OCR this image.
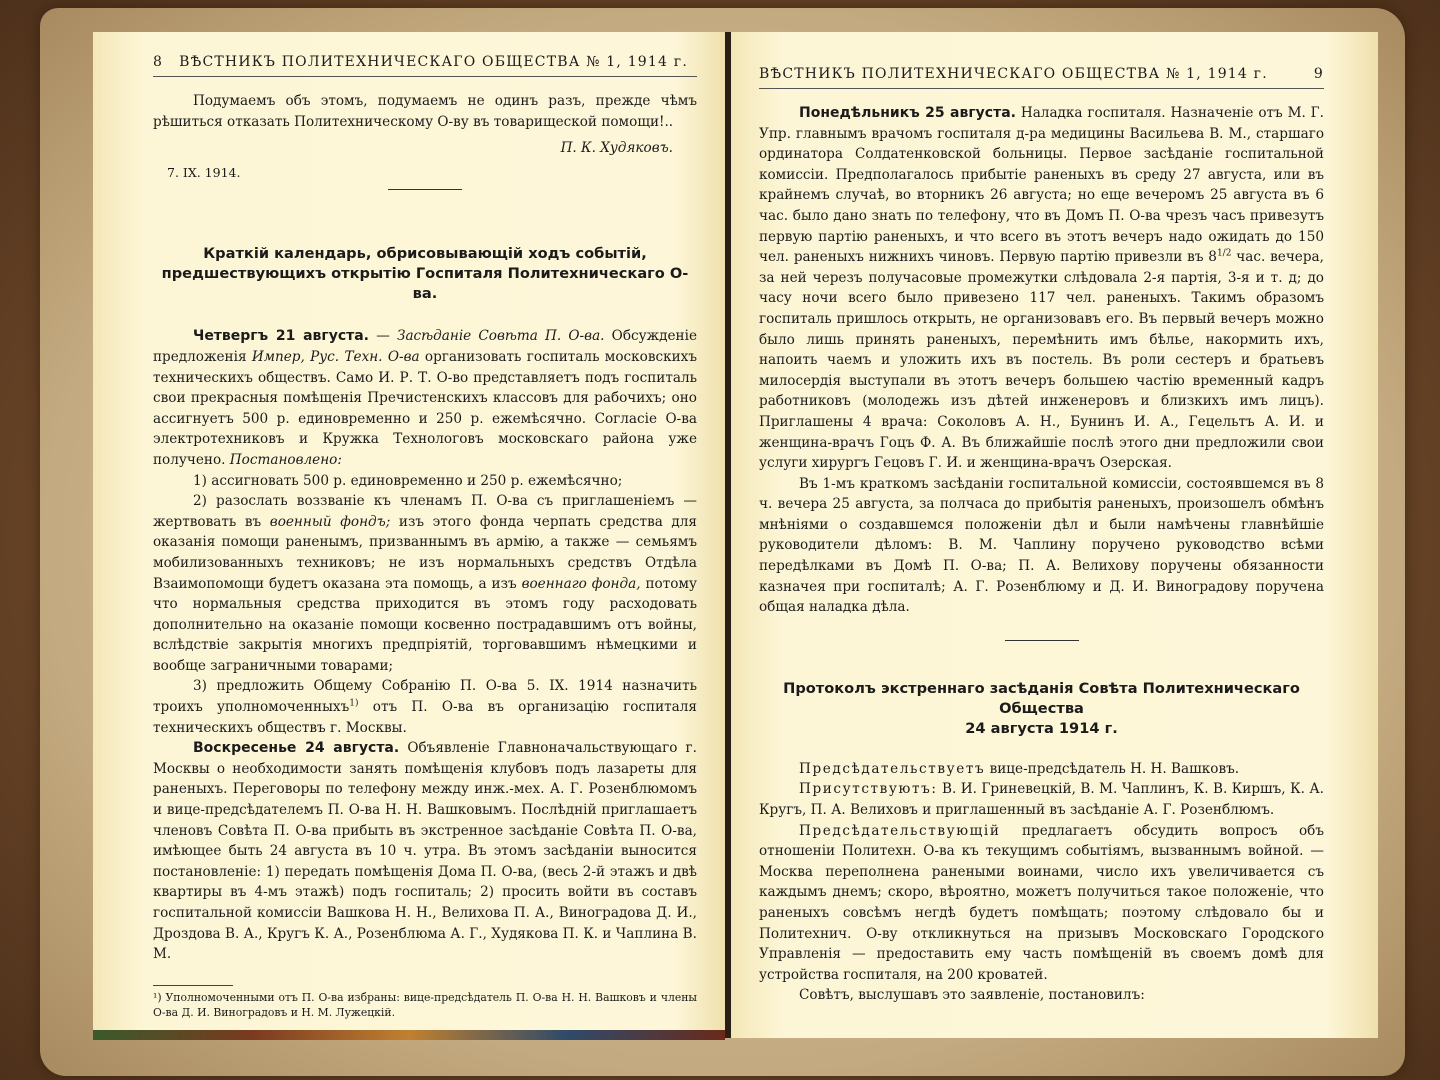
8 ВѢСТНИКЪ ПОЛИТЕХНИЧЕСКАГО ОБЩЕСТВА № 1, 1914 г.

Подумаемъ объ этомъ, подумаемъ не одинъ разъ, прежде чѣмъ рѣшиться отказать Политехническому О-ву въ товарищеской помощи!..

П. К. Худяковъ.

7. IX. 1914.

Краткій календарь, обрисовывающій ходъ событій, предшествующихъ открытію Госпиталя Политехническаго О-ва.

Четвергъ 21 августа. — Засѣданіе Совѣта П. О-ва. Обсужденіе предложенія Импер, Рус. Техн. О-ва организовать госпиталь московскихъ техническихъ обществъ. Само И. Р. Т. О-во представляетъ подъ госпиталь свои прекрасныя помѣщенія Пречистенскихъ классовъ для рабочихъ; оно ассигнуетъ 500 р. единовременно и 250 р. ежемѣсячно. Согласіе О-ва электротехниковъ и Кружка Технологовъ московскаго района уже получено. Постановлено:

1) ассигновать 500 р. единовременно и 250 р. ежемѣсячно;

2) разослать воззваніе къ членамъ П. О-ва съ приглашеніемъ — жертвовать въ военный фондъ; изъ этого фонда черпать средства для оказанія помощи раненымъ, призваннымъ въ армію, а также — семьямъ мобилизованныхъ техниковъ; не изъ нормальныхъ средствъ Отдѣла Взаимопомощи будетъ оказана эта помощь, а изъ военнаго фонда, потому что нормальныя средства приходится въ этомъ году расходовать дополнительно на оказаніе помощи косвенно пострадавшимъ отъ войны, вслѣдствіе закрытія многихъ предпріятій, торговавшимъ нѣмецкими и вообще заграничными товарами;

3) предложить Общему Собранію П. О-ва 5. IX. 1914 назначить троихъ уполномоченныхъ$^{1)}$ отъ П. О-ва въ организацію госпиталя техническихъ обществъ г. Москвы.

Воскресенье 24 августа. Объявленіе Главноначальствующаго г. Москвы о необходимости занять помѣщенія клубовъ подъ лазареты для раненыхъ. Переговоры по телефону между инж.-мех. А. Г. Розенблюмомъ и вице-предсѣдателемъ П. О-ва Н. Н. Вашковымъ. Послѣдній приглашаетъ членовъ Совѣта П. О-ва прибыть въ экстренное засѣданіе Совѣта П. О-ва, имѣющее быть 24 августа въ 10 ч. утра. Въ этомъ засѣданіи выносится постановленіе: 1) передать помѣщенія Дома П. О-ва, (весь 2-й этажъ и двѣ квартиры въ 4-мъ этажѣ) подъ госпиталь; 2) просить войти въ составъ госпитальной комиссіи Вашкова Н. Н., Велихова П. А., Виноградова Д. И., Дроздова В. А., Кругъ К. А., Розенблюма А. Г., Худякова П. К. и Чаплина В. М.

¹) Уполномоченными отъ П. О-ва избраны: вице-предсѣдатель П. О-ва Н. Н. Вашковъ и члены О-ва Д. И. Виноградовъ и Н. М. Лужецкій.

ВѢСТНИКЪ ПОЛИТЕХНИЧЕСКАГО ОБЩЕСТВА № 1, 1914 г.	9

Понедѣльникъ 25 августа. Наладка госпиталя. Назначеніе отъ М. Г. Упр. главнымъ врачомъ госпиталя д-ра медицины Васильева В. М., старшаго ординатора Солдатенковской больницы. Первое засѣданіе госпитальной комиссіи. Предполагалось прибытіе раненыхъ въ среду 27 августа, или въ крайнемъ случаѣ, во вторникъ 26 августа; но еще вечеромъ 25 августа въ 6 час. было дано знать по телефону, что въ Домъ П. О-ва чрезъ часъ привезутъ первую партію раненыхъ, и что всего въ этотъ вечеръ надо ожидать до 150 чел. раненыхъ нижнихъ чиновъ. Первую партію привезли въ $8^{1/2}$ час. вечера, за ней черезъ получасовые промежутки слѣдовала 2-я партія, 3-я и т. д; до часу ночи всего было привезено 117 чел. раненыхъ. Такимъ образомъ госпиталь пришлось открыть, не организовавъ его. Въ первый вечеръ можно было лишь принять раненыхъ, перемѣнить имъ бѣлье, накормить ихъ, напоить чаемъ и уложить ихъ въ постель. Въ роли сестеръ и братьевъ милосердія выступали въ этотъ вечеръ большею частію временный кадръ работниковъ (молодежь изъ дѣтей инженеровъ и близкихъ имъ лицъ). Приглашены 4 врача: Соколовъ А. Н., Бунинъ И. А., Гецельтъ А. И. и женщина-врачъ Гоцъ Ф. А. Въ ближайшіе послѣ этого дни предложили свои услуги хирургъ Гецовъ Г. И. и женщина-врачъ Озерская.

Въ 1-мъ краткомъ засѣданіи госпитальной комиссіи, состоявшемся въ 8 ч. вечера 25 августа, за полчаса до прибытія раненыхъ, произошелъ обмѣнъ мнѣніями о создавшемся положеніи дѣл и были намѣчены главнѣйшіе руководители дѣломъ: В. М. Чаплину поручено руководство всѣми передѣлками въ Домѣ П. О-ва; П. А. Велихову поручены обязанности казначея при госпиталѣ; А. Г. Розенблюму и Д. И. Виноградову поручена общая наладка дѣла.

Протоколъ экстреннаго засѣданія Совѣта Политехническаго Общества

24 августа 1914 г.

Предсѣдательствуетъ вице-предсѣдатель Н. Н. Вашковъ.

Присутствуютъ: В. И. Гриневецкій, В. М. Чаплинъ, К. В. Киршъ, К. А. Кругъ, П. А. Велиховъ и приглашенный въ засѣданіе А. Г. Розенблюмъ.

Предсѣдательствующій предлагаетъ обсудить вопросъ объ отношеніи Политехн. О-ва къ текущимъ событіямъ, вызваннымъ войной. — Москва переполнена ранеными воинами, число ихъ увеличивается съ каждымъ днемъ; скоро, вѣроятно, можетъ получиться такое положеніе, что раненыхъ совсѣмъ негдѣ будетъ помѣщать; поэтому слѣдовало бы и Политехнич. О-ву откликнуться на призывъ Московскаго Городского Управленія — предоставить ему часть помѣщеній въ своемъ домѣ для устройства госпиталя, на 200 кроватей.

Совѣтъ, выслушавъ это заявленіе, постановилъ:
